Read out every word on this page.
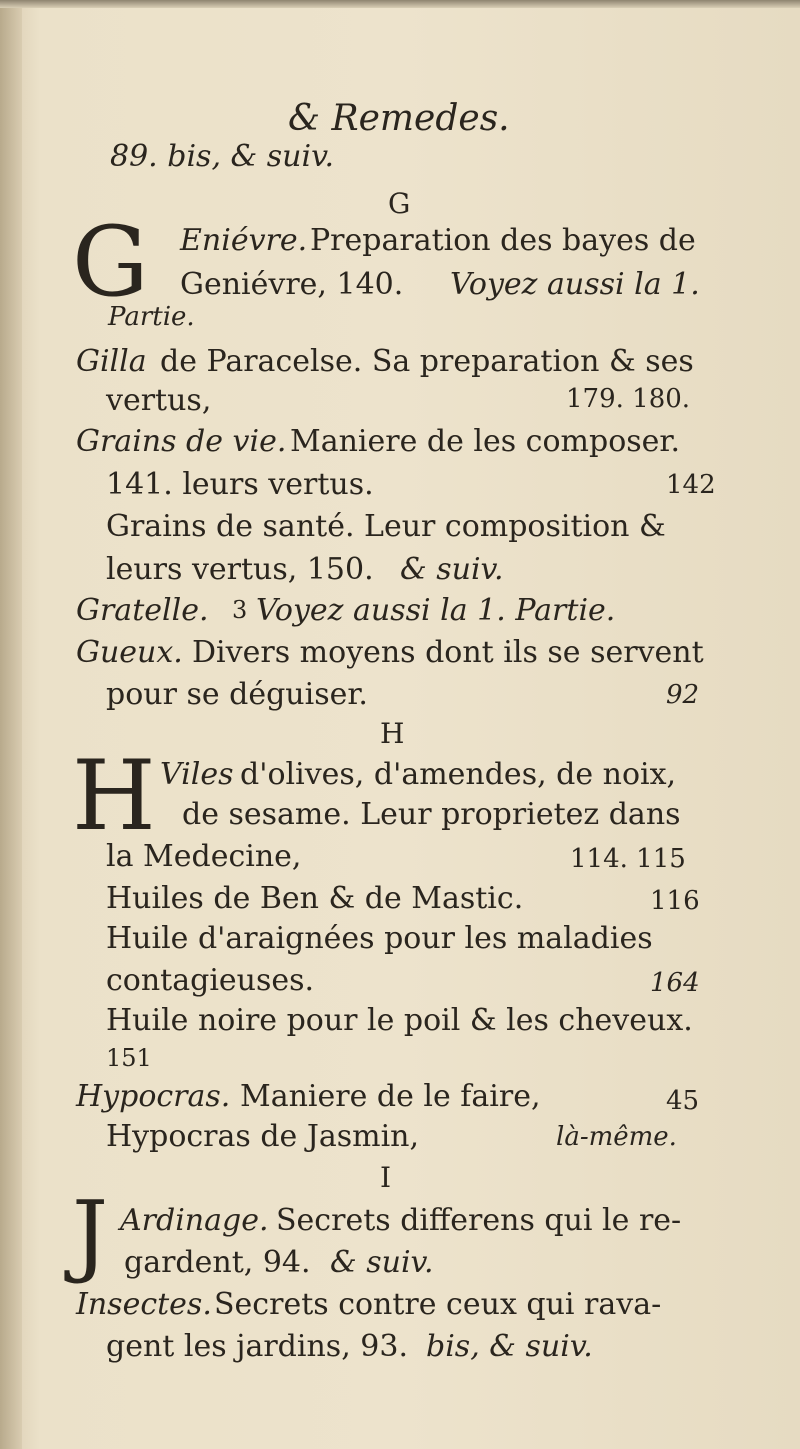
& Remedes.
89. bis, & suiv.
G
G Eniévre. Preparation des bayes de
Geniévre, 140. Voyez aussi la 1.
Partie.
Gilla de Paracelse. Sa preparation & ses
vertus,	179. 180.
Grains de vie. Maniere de les composer.
141. leurs vertus.	142
Grains de santé. Leur composition &
leurs vertus, 150. & suiv.
Gratelle. 3 Voyez aussi la 1. Partie.
Gueux. Divers moyens dont ils se servent
pour se déguiser.	92
H
H Viles d'olives, d'amendes, de noix,
de sesame. Leur proprietez dans
la Medecine,	114. 115
Huiles de Ben & de Mastic.	116
Huile d'araignées pour les maladies
contagieuses.	164
Huile noire pour le poil & les cheveux.
151
Hypocras. Maniere de le faire,	45
Hypocras de Jasmin,	là-même.
I
J Ardinage. Secrets differens qui le re-
gardent, 94. & suiv.
Insectes. Secrets contre ceux qui rava-
gent les jardins, 93. bis, & suiv.
